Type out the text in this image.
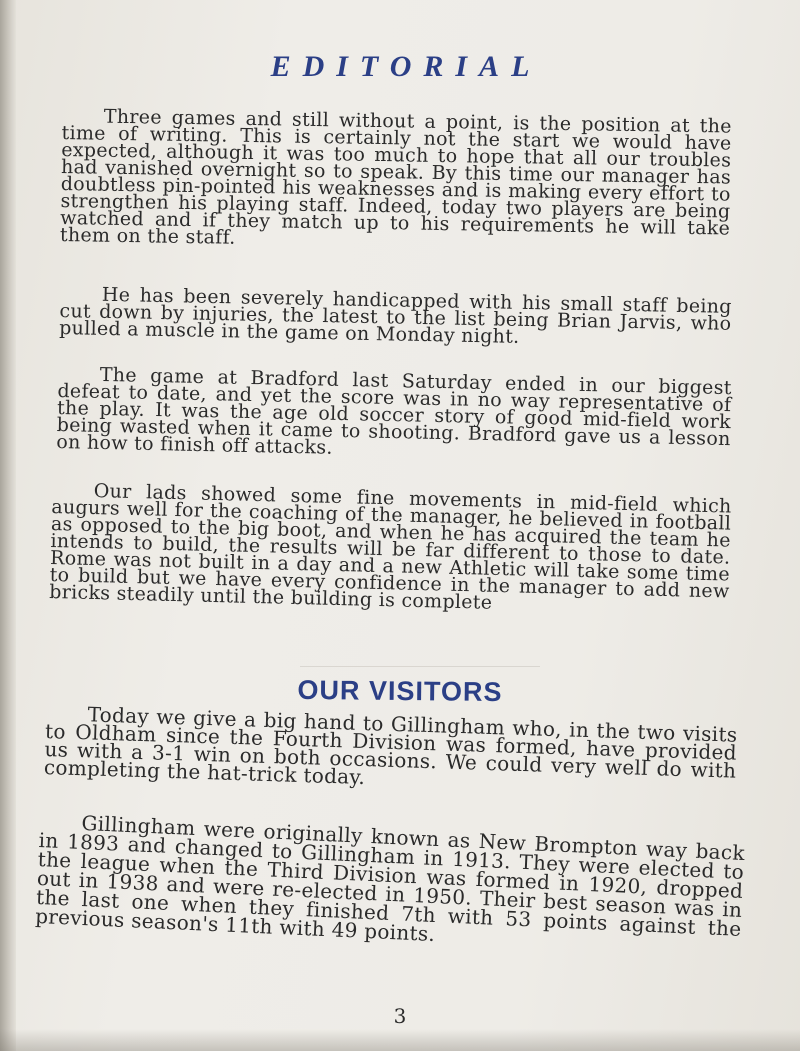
EDITORIAL

Three games and still without a point, is the position at the time of writing. This is certainly not the start we would have expected, although it was too much to hope that all our troubles had vanished overnight so to speak. By this time our manager has doubtless pin-pointed his weaknesses and is making every effort to strengthen his playing staff. Indeed, today two players are being watched and if they match up to his requirements he will take them on the staff.

He has been severely handicapped with his small staff being cut down by injuries, the latest to the list being Brian Jarvis, who pulled a muscle in the game on Monday night.

The game at Bradford last Saturday ended in our biggest defeat to date, and yet the score was in no way representative of the play. It was the age old soccer story of good mid-field work being wasted when it came to shooting. Bradford gave us a lesson on how to finish off attacks.

Our lads showed some fine movements in mid-field which augurs well for the coaching of the manager, he believed in football as opposed to the big boot, and when he has acquired the team he intends to build, the results will be far different to those to date. Rome was not built in a day and a new Athletic will take some time to build but we have every confidence in the manager to add new bricks steadily until the building is complete

OUR VISITORS

Today we give a big hand to Gillingham who, in the two visits to Oldham since the Fourth Division was formed, have provided us with a 3-1 win on both occasions. We could very well do with completing the hat-trick today.

Gillingham were originally known as New Brompton way back in 1893 and changed to Gillingham in 1913. They were elected to the league when the Third Division was formed in 1920, dropped out in 1938 and were re-elected in 1950. Their best season was in the last one when they finished 7th with 53 points against the previous season's 11th with 49 points.

3
